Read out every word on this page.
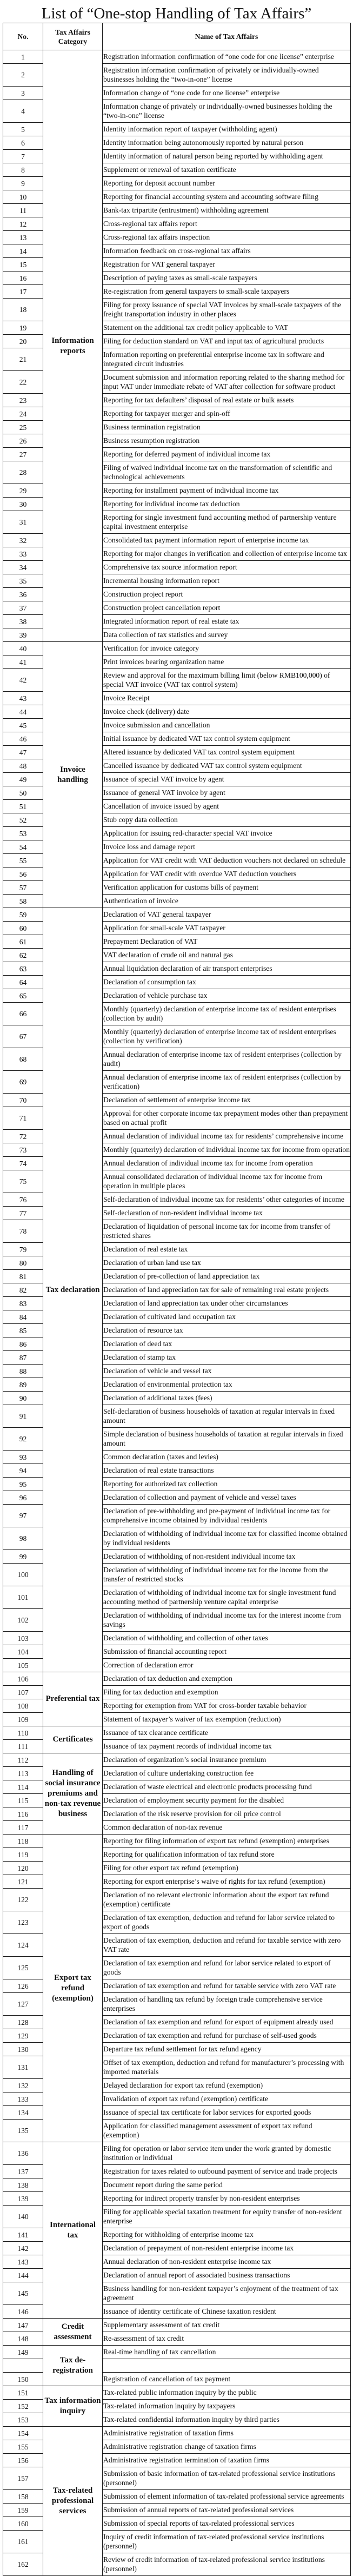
List of “One-stop Handling of Tax Affairs”
No.	Tax Affairs Category	Name of Tax Affairs
1	Information reports	Registration information confirmation of “one code for one license” enterprise
2		Registration information confirmation of privately or individually-owned businesses holding the “two-in-one” license
3		Information change of “one code for one license” enterprise
4		Information change of privately or individually-owned businesses holding the “two-in-one” license
5		Identity information report of taxpayer (withholding agent)
6		Identity information being autonomously reported by natural person
7		Identity information of natural person being reported by withholding agent
8		Supplement or renewal of taxation certificate
9		Reporting for deposit account number
10		Reporting for financial accounting system and accounting software filing
11		Bank-tax tripartite (entrustment) withholding agreement
12		Cross-regional tax affairs report
13		Cross-regional tax affairs inspection
14		Information feedback on cross-regional tax affairs
15		Registration for VAT general taxpayer
16		Description of paying taxes as small-scale taxpayers
17		Re-registration from general taxpayers to small-scale taxpayers
18		Filing for proxy issuance of special VAT invoices by small-scale taxpayers of the freight transportation industry in other places
19		Statement on the additional tax credit policy applicable to VAT
20		Filing for deduction standard on VAT and input tax of agricultural products
21		Information reporting on preferential enterprise income tax in software and integrated circuit industries
22		Document submission and information reporting related to the sharing method for input VAT under immediate rebate of VAT after collection for software product
23		Reporting for tax defaulters’ disposal of real estate or bulk assets
24		Reporting for taxpayer merger and spin-off
25		Business termination registration
26		Business resumption registration
27		Reporting for deferred payment of individual income tax
28		Filing of waived individual income tax on the transformation of scientific and technological achievements
29		Reporting for installment payment of individual income tax
30		Reporting for individual income tax deduction
31		Reporting for single investment fund accounting method of partnership venture capital investment enterprise
32		Consolidated tax payment information report of enterprise income tax
33		Reporting for major changes in verification and collection of enterprise income tax
34		Comprehensive tax source information report
35		Incremental housing information report
36		Construction project report
37		Construction project cancellation report
38		Integrated information report of real estate tax
39		Data collection of tax statistics and survey
40	Invoice handling	Verification for invoice category
41		Print invoices bearing organization name
42		Review and approval for the maximum billing limit (below RMB100,000) of special VAT invoice (VAT tax control system)
43		Invoice Receipt
44		Invoice check (delivery) date
45		Invoice submission and cancellation
46		Initial issuance by dedicated VAT tax control system equipment
47		Altered issuance by dedicated VAT tax control system equipment
48		Cancelled issuance by dedicated VAT tax control system equipment
49		Issuance of special VAT invoice by agent
50		Issuance of general VAT invoice by agent
51		Cancellation of invoice issued by agent
52		Stub copy data collection
53		Application for issuing red-character special VAT invoice
54		Invoice loss and damage report
55		Application for VAT credit with VAT deduction vouchers not declared on schedule
56		Application for VAT credit with overdue VAT deduction vouchers
57		Verification application for customs bills of payment
58		Authentication of invoice
59	Tax declaration	Declaration of VAT general taxpayer
60		Application for small-scale VAT taxpayer
61		Prepayment Declaration of VAT
62		VAT declaration of crude oil and natural gas
63		Annual liquidation declaration of air transport enterprises
64		Declaration of consumption tax
65		Declaration of vehicle purchase tax
66		Monthly (quarterly) declaration of enterprise income tax of resident enterprises (collection by audit)
67		Monthly (quarterly) declaration of enterprise income tax of resident enterprises (collection by verification)
68		Annual declaration of enterprise income tax of resident enterprises (collection by audit)
69		Annual declaration of enterprise income tax of resident enterprises (collection by verification)
70		Declaration of settlement of enterprise income tax
71		Approval for other corporate income tax prepayment modes other than prepayment based on actual profit
72		Annual declaration of individual income tax for residents’ comprehensive income
73		Monthly (quarterly) declaration of individual income tax for income from operation
74		Annual declaration of individual income tax for income from operation
75		Annual consolidated declaration of individual income tax for income from operation in multiple places
76		Self-declaration of individual income tax for residents’ other categories of income
77		Self-declaration of non-resident individual income tax
78		Declaration of liquidation of personal income tax for income from transfer of restricted shares
79		Declaration of real estate tax
80		Declaration of urban land use tax
81		Declaration of pre-collection of land appreciation tax
82		Declaration of land appreciation tax for sale of remaining real estate projects
83		Declaration of land appreciation tax under other circumstances
84		Declaration of cultivated land occupation tax
85		Declaration of resource tax
86		Declaration of deed tax
87		Declaration of stamp tax
88		Declaration of vehicle and vessel tax
89		Declaration of environmental protection tax
90		Declaration of additional taxes (fees)
91		Self-declaration of business households of taxation at regular intervals in fixed amount
92		Simple declaration of business households of taxation at regular intervals in fixed amount
93		Common declaration (taxes and levies)
94		Declaration of real estate transactions
95		Reporting for authorized tax collection
96		Declaration of collection and payment of vehicle and vessel taxes
97		Declaration of pre-withholding and pre-payment of individual income tax for comprehensive income obtained by individual residents
98		Declaration of withholding of individual income tax for classified income obtained by individual residents
99		Declaration of withholding of non-resident individual income tax
100		Declaration of withholding of individual income tax for the income from the transfer of restricted stocks
101		Declaration of withholding of individual income tax for single investment fund accounting method of partnership venture capital enterprise
102		Declaration of withholding of individual income tax for the interest income from savings
103		Declaration of withholding and collection of other taxes
104		Submission of financial accounting report
105		Correction of declaration error
106	Preferential tax	Declaration of tax deduction and exemption
107		Filing for tax deduction and exemption
108		Reporting for exemption from VAT for cross-border taxable behavior
109		Statement of taxpayer’s waiver of tax exemption (reduction)
110	Certificates	Issuance of tax clearance certificate
111		Issuance of tax payment records of individual income tax
112	Handling of social insurance premiums and non-tax revenue business	Declaration of organization’s social insurance premium
113		Declaration of culture undertaking construction fee
114		Declaration of waste electrical and electronic products processing fund
115		Declaration of employment security payment for the disabled
116		Declaration of the risk reserve provision for oil price control
117		Common declaration of non-tax revenue
118	Export tax refund (exemption)	Reporting for filing information of export tax refund (exemption) enterprises
119		Reporting for qualification information of tax refund store
120		Filing for other export tax refund (exemption)
121		Reporting for export enterprise’s waive of rights for tax refund (exemption)
122		Declaration of no relevant electronic information about the export tax refund (exemption) certificate
123		Declaration of tax exemption, deduction and refund for labor service related to export of goods
124		Declaration of tax exemption, deduction and refund for taxable service with zero VAT rate
125		Declaration of tax exemption and refund for labor service related to export of goods
126		Declaration of tax exemption and refund for taxable service with zero VAT rate
127		Declaration of handling tax refund by foreign trade comprehensive service enterprises
128		Declaration of tax exemption and refund for export of equipment already used
129		Declaration of tax exemption and refund for purchase of self-used goods
130		Departure tax refund settlement for tax refund agency
131		Offset of tax exemption, deduction and refund for manufacturer’s processing with imported materials
132		Delayed declaration for export tax refund (exemption)
133		Invalidation of export tax refund (exemption) certificate
134		Issuance of special tax certificate for labor services for exported goods
135		Application for classified management assessment of export tax refund (exemption)
136	International tax	Filing for operation or labor service item under the work granted by domestic institution or individual
137		Registration for taxes related to outbound payment of service and trade projects
138		Document report during the same period
139		Reporting for indirect property transfer by non-resident enterprises
140		Filing for applicable special taxation treatment for equity transfer of non-resident enterprise
141		Reporting for withholding of enterprise income tax
142		Declaration of prepayment of non-resident enterprise income tax
143		Annual declaration of non-resident enterprise income tax
144		Declaration of annual report of associated business transactions
145		Business handling for non-resident taxpayer’s enjoyment of the treatment of tax agreement
146		Issuance of identity certificate of Chinese taxation resident
147	Credit assessment	Supplementary assessment of tax credit
148		Re-assessment of tax credit
149	Tax de-registration	Real-time handling of tax cancellation

150		Registration of cancellation of tax payment
151	Tax information inquiry	Tax-related public information inquiry by the public
152		Tax-related information inquiry by taxpayers
153		Tax-related confidential information inquiry by third parties
154	Tax-related professional services	Administrative registration of taxation firms
155		Administrative registration change of taxation firms
156		Administrative registration termination of taxation firms
157		Submission of basic information of tax-related professional service institutions (personnel)
158		Submission of element information of tax-related professional service agreements
159		Submission of annual reports of tax-related professional services
160		Submission of special reports of tax-related professional services
161		Inquiry of credit information of tax-related professional service institutions (personnel)
162		Review of credit information of tax-related professional service institutions (personnel)
